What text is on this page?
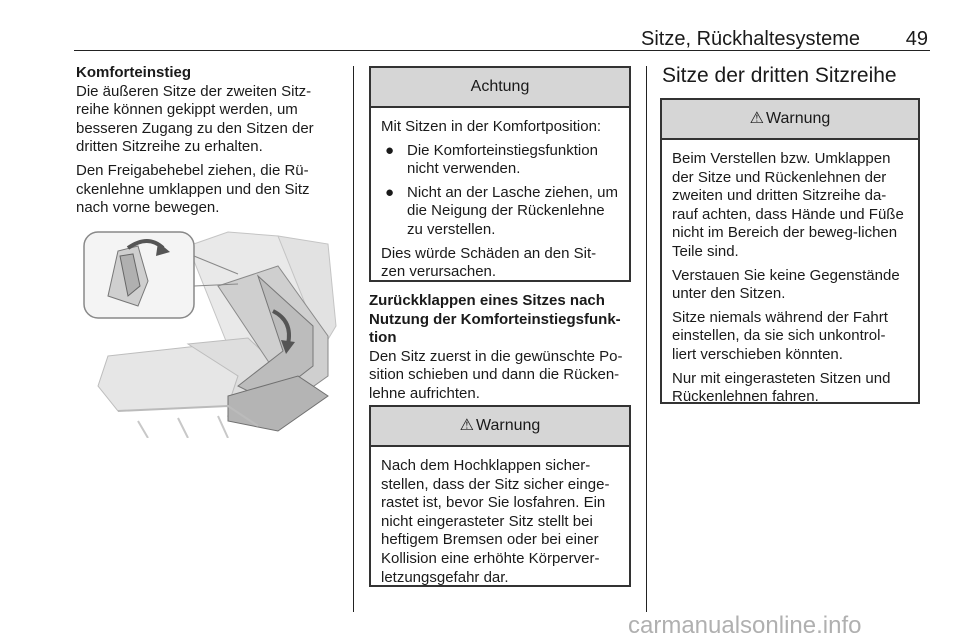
Sitze, Rückhaltesysteme	49
Komforteinstieg

Die äußeren Sitze der zweiten Sitz-reihe können gekippt werden, um besseren Zugang zu den Sitzen der dritten Sitzreihe zu erhalten.

Den Freigabehebel ziehen, die Rü-ckenlehne umklappen und den Sitz nach vorne bewegen.

Achtung

Mit Sitzen in der Komfortposition:

● Die Komforteinstiegsfunktion nicht verwenden.
● Nicht an der Lasche ziehen, um die Neigung der Rückenlehne zu verstellen.

Dies würde Schäden an den Sit-zen verursachen.

Zurückklappen eines Sitzes nach Nutzung der Komforteinstiegsfunk-tion

Den Sitz zuerst in die gewünschte Po-sition schieben und dann die Rücken-lehne aufrichten.

⚠ Warnung

Nach dem Hochklappen sicher-stellen, dass der Sitz sicher einge-rastet ist, bevor Sie losfahren. Ein nicht eingerasteter Sitz stellt bei heftigem Bremsen oder bei einer Kollision eine erhöhte Körperver-letzungsgefahr dar.

Sitze der dritten Sitzreihe
⚠ Warnung

Beim Verstellen bzw. Umklappen der Sitze und Rückenlehnen der zweiten und dritten Sitzreihe da-rauf achten, dass Hände und Füße nicht im Bereich der beweg-lichen Teile sind.

Verstauen Sie keine Gegenstände unter den Sitzen.

Sitze niemals während der Fahrt einstellen, da sie sich unkontrol-liert verschieben könnten.

Nur mit eingerasteten Sitzen und Rückenlehnen fahren.

carmanualsonline.info
